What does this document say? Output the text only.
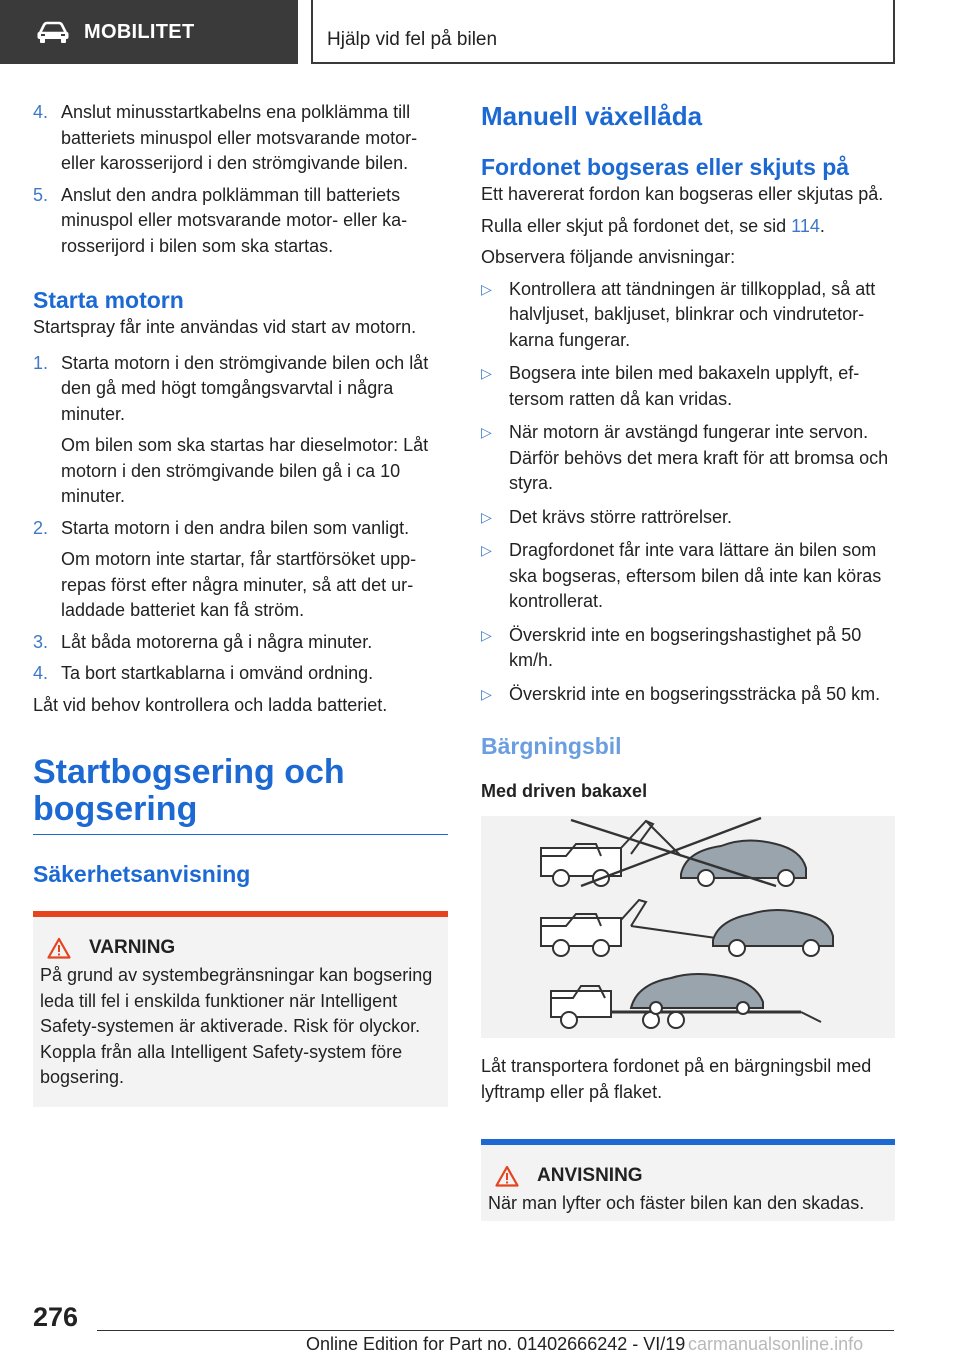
MOBILITET	Hjälp vid fel på bilen
4. Anslut minusstartkabelns ena polklämma till batteriets minuspol eller motsvarande motor- eller karosserijord i den strömgivande bilen.
5. Anslut den andra polklämman till batteriets minuspol eller motsvarande motor- eller karosserijord i bilen som ska startas.
Starta motorn
Startspray får inte användas vid start av motorn.
1. Starta motorn i den strömgivande bilen och låt den gå med högt tomgångsvarvtal i några minuter.
Om bilen som ska startas har dieselmotor: Låt motorn i den strömgivande bilen gå i ca 10 minuter.
2. Starta motorn i den andra bilen som vanligt.
Om motorn inte startar, får startförsöket upprepas först efter några minuter, så att det urladdade batteriet kan få ström.
3. Låt båda motorerna gå i några minuter.
4. Ta bort startkablarna i omvänd ordning.
Låt vid behov kontrollera och ladda batteriet.
Startbogsering och bogsering
Säkerhetsanvisning
VARNING
På grund av systembegränsningar kan bogsering leda till fel i enskilda funktioner när Intelligent Safety-systemen är aktiverade. Risk för olyckor. Koppla från alla Intelligent Safety-system före bogsering.
Manuell växellåda
Fordonet bogseras eller skjuts på
Ett havererat fordon kan bogseras eller skjutas på.
Rulla eller skjut på fordonet det, se sid 114.
Observera följande anvisningar:
▷ Kontrollera att tändningen är tillkopplad, så att halvljuset, bakljuset, blinkrar och vindrutetorkarna fungerar.
▷ Bogsera inte bilen med bakaxeln upplyft, eftersom ratten då kan vridas.
▷ När motorn är avstängd fungerar inte servon. Därför behövs det mera kraft för att bromsa och styra.
▷ Det krävs större rattrörelser.
▷ Dragfordonet får inte vara lättare än bilen som ska bogseras, eftersom bilen då inte kan köras kontrollerat.
▷ Överskrid inte en bogseringshastighet på 50 km/h.
▷ Överskrid inte en bogseringssträcka på 50 km.
Bärgningsbil
Med driven bakaxel
Låt transportera fordonet på en bärgningsbil med lyftramp eller på flaket.
ANVISNING
När man lyfter och fäster bilen kan den skadas.
276
Online Edition for Part no. 01402666242 - VI/19 carmanualsonline.info
